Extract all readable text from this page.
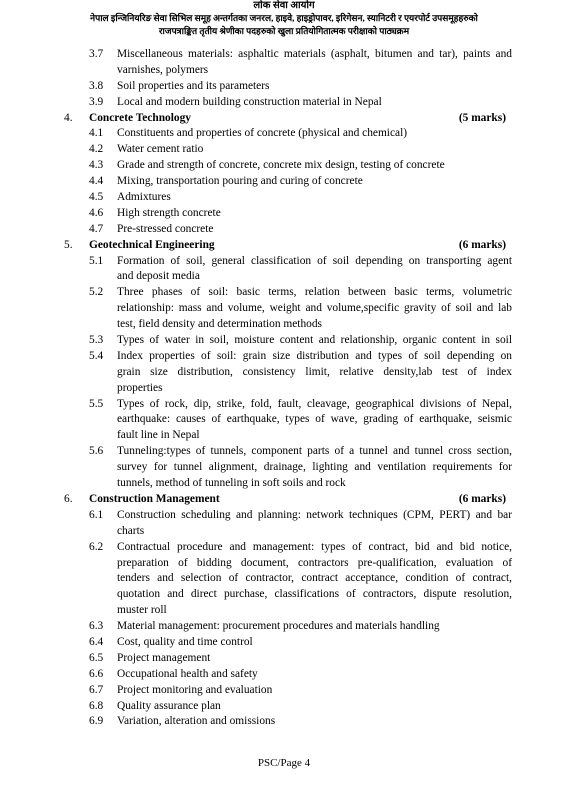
लोक सेवा आयोग
नेपाल इन्जिनियरिङ सेवा सिभिल समूह अन्तर्गतका जनरल, हाइवे, हाइड्रोपावर, इरिगेसन, स्यानिटरी र एयरपोर्ट उपसमूहहरुको
राजपत्राङ्कित तृतीय श्रेणीका पदहरुको खुला प्रतियोगितात्मक परीक्षाको पाठ्यक्रम
3.7 Miscellaneous materials: asphaltic materials (asphalt, bitumen and tar), paints and
varnishes, polymers
3.8 Soil properties and its parameters
3.9 Local and modern building construction material in Nepal
4. Concrete Technology	(5 marks)
4.1 Constituents and properties of concrete (physical and chemical)
4.2 Water cement ratio
4.3 Grade and strength of concrete, concrete mix design, testing of concrete
4.4 Mixing, transportation pouring and curing of concrete
4.5 Admixtures
4.6 High strength concrete
4.7 Pre-stressed concrete
5. Geotechnical Engineering	(6 marks)
5.1 Formation of soil, general classification of soil depending on transporting agent
and deposit media
5.2 Three phases of soil: basic terms, relation between basic terms, volumetric
relationship: mass and volume, weight and volume,specific gravity of soil and lab
test, field density and determination methods
5.3 Types of water in soil, moisture content and relationship, organic content in soil
5.4 Index properties of soil: grain size distribution and types of soil depending on
grain size distribution, consistency limit, relative density,lab test of index
properties
5.5 Types of rock, dip, strike, fold, fault, cleavage, geographical divisions of Nepal,
earthquake: causes of earthquake, types of wave, grading of earthquake, seismic
fault line in Nepal
5.6 Tunneling:types of tunnels, component parts of a tunnel and tunnel cross section,
survey for tunnel alignment, drainage, lighting and ventilation requirements for
tunnels, method of tunneling in soft soils and rock
6. Construction Management	(6 marks)
6.1 Construction scheduling and planning: network techniques (CPM, PERT) and bar
charts
6.2 Contractual procedure and management: types of contract, bid and bid notice,
preparation of bidding document, contractors pre-qualification, evaluation of
tenders and selection of contractor, contract acceptance, condition of contract,
quotation and direct purchase, classifications of contractors, dispute resolution,
muster roll
6.3 Material management: procurement procedures and materials handling
6.4 Cost, quality and time control
6.5 Project management
6.6 Occupational health and safety
6.7 Project monitoring and evaluation
6.8 Quality assurance plan
6.9 Variation, alteration and omissions
PSC/Page 4
